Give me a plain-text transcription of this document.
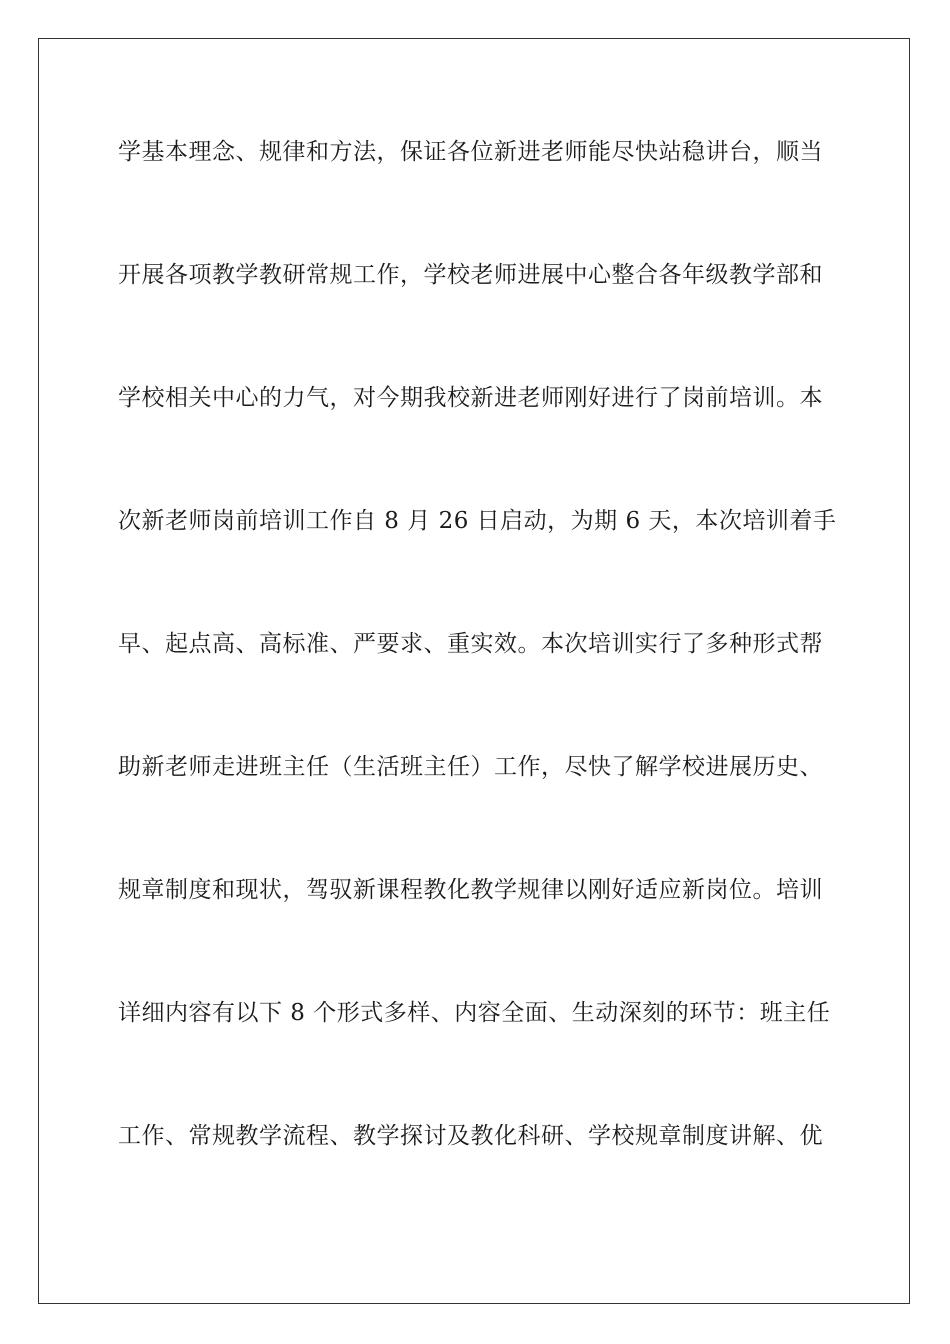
学基本理念、规律和方法，保证各位新进老师能尽快站稳讲台，顺当
开展各项教学教研常规工作，学校老师进展中心整合各年级教学部和
学校相关中心的力气，对今期我校新进老师刚好进行了岗前培训。本
次新老师岗前培训工作自 8 月 26 日启动，为期 6 天，本次培训着手
早、起点高、高标准、严要求、重实效。本次培训实行了多种形式帮
助新老师走进班主任（生活班主任）工作，尽快了解学校进展历史、
规章制度和现状，驾驭新课程教化教学规律以刚好适应新岗位。培训
详细内容有以下 8 个形式多样、内容全面、生动深刻的环节：班主任
工作、常规教学流程、教学探讨及教化科研、学校规章制度讲解、优
